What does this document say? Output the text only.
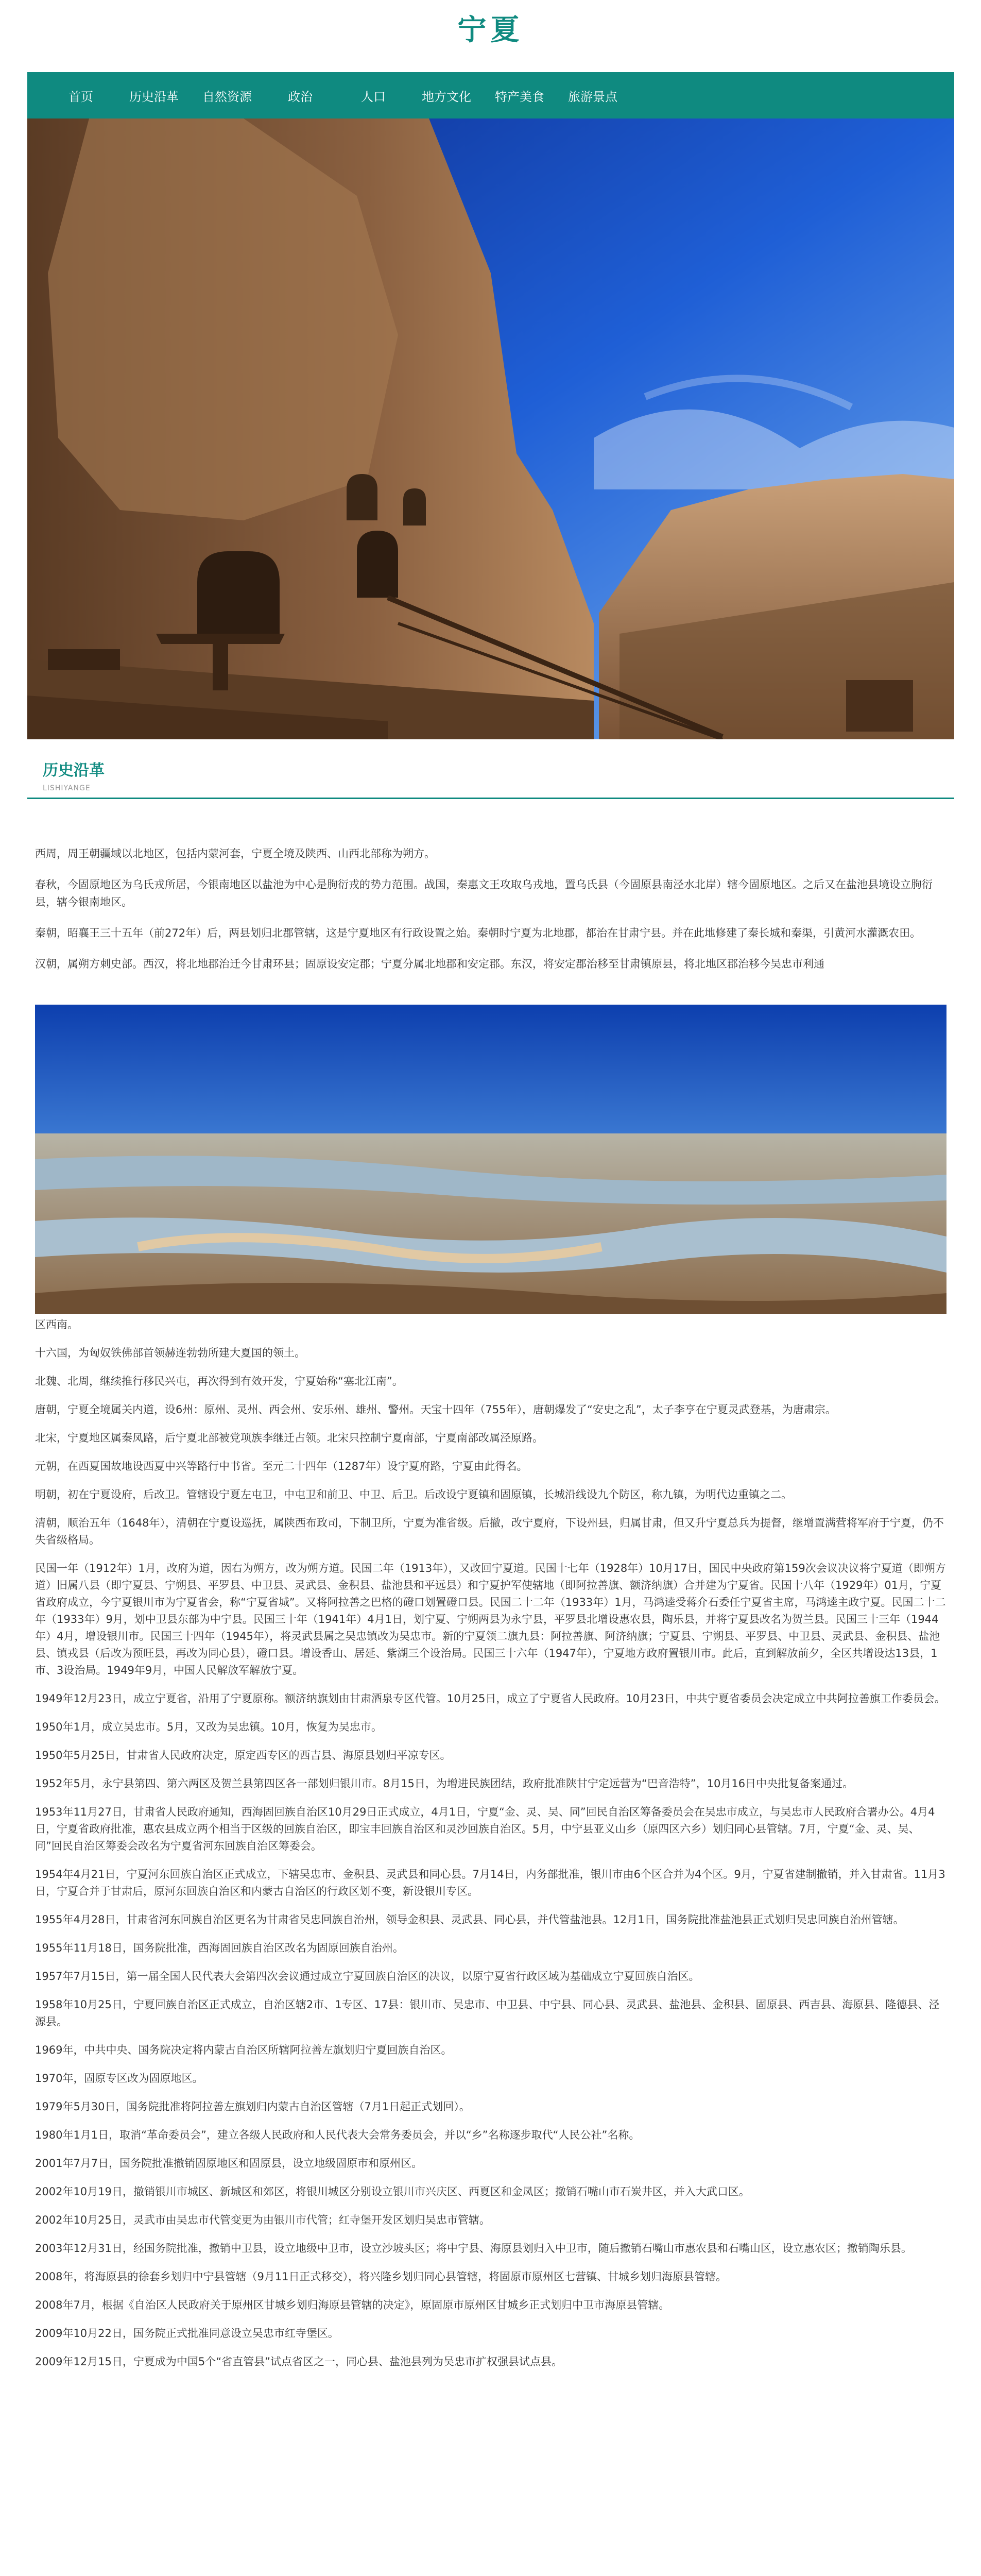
宁夏
首页	历史沿革	自然资源	政治	人口	地方文化	特产美食	旅游景点
历史沿革
LISHIYANGE

西周，周王朝疆域以北地区，包括内蒙河套，宁夏全境及陕西、山西北部称为朔方。

春秋，今固原地区为乌氏戎所居，今银南地区以盐池为中心是朐衍戎的势力范围。战国，秦惠文王攻取乌戎地，置乌氏县（今固原县南泾水北岸）辖今固原地区。之后又在盐池县境设立朐衍县，辖今银南地区。

秦朝，昭襄王三十五年（前272年）后，两县划归北郡管辖，这是宁夏地区有行政设置之始。秦朝时宁夏为北地郡，都治在甘肃宁县。并在此地修建了秦长城和秦渠，引黄河水灌溉农田。

汉朝，属朔方刺史部。西汉，将北地郡治迁今甘肃环县；固原设安定郡；宁夏分属北地郡和安定郡。东汉，将安定郡治移至甘肃镇原县，将北地区郡治移今吴忠市利通

区西南。

十六国，为匈奴铁佛部首领赫连勃勃所建大夏国的领土。

北魏、北周，继续推行移民兴屯，再次得到有效开发，宁夏始称“塞北江南”。

唐朝，宁夏全境属关内道，设6州：原州、灵州、西会州、安乐州、雄州、警州。天宝十四年（755年），唐朝爆发了“安史之乱”，太子李亨在宁夏灵武登基，为唐肃宗。

北宋，宁夏地区属秦凤路，后宁夏北部被党项族李继迁占领。北宋只控制宁夏南部，宁夏南部改属泾原路。

元朝，在西夏国故地设西夏中兴等路行中书省。至元二十四年（1287年）设宁夏府路，宁夏由此得名。

明朝，初在宁夏设府，后改卫。管辖设宁夏左屯卫，中屯卫和前卫、中卫、后卫。后改设宁夏镇和固原镇，长城沿线设九个防区，称九镇，为明代边重镇之二。

清朝，顺治五年（1648年），清朝在宁夏设巡抚，属陕西布政司，下制卫所，宁夏为准省级。后撤，改宁夏府，下设州县，归属甘肃，但又升宁夏总兵为提督，继增置满营将军府于宁夏，仍不失省级格局。

民国一年（1912年）1月，改府为道，因右为朔方，改为朔方道。民国二年（1913年），又改回宁夏道。民国十七年（1928年）10月17日，国民中央政府第159次会议决议将宁夏道（即朔方道）旧属八县（即宁夏县、宁朔县、平罗县、中卫县、灵武县、金积县、盐池县和平远县）和宁夏护军使辖地（即阿拉善旗、额济纳旗）合并建为宁夏省。民国十八年（1929年）01月，宁夏省政府成立，今宁夏银川市为宁夏省会，称“宁夏省城”。又将阿拉善之巴格的磴口划置磴口县。民国二十二年（1933年）1月，马鸿逵受蒋介石委任宁夏省主席，马鸿逵主政宁夏。民国二十二年（1933年）9月，划中卫县东部为中宁县。民国三十年（1941年）4月1日，划宁夏、宁朔两县为永宁县，平罗县北增设惠农县，陶乐县，并将宁夏县改名为贺兰县。民国三十三年（1944年）4月，增设银川市。民国三十四年（1945年），将灵武县属之吴忠镇改为吴忠市。新的宁夏领二旗九县：阿拉善旗、阿济纳旗；宁夏县、宁朔县、平罗县、中卫县、灵武县、金积县、盐池县、镇戎县（后改为预旺县，再改为同心县），磴口县。增设香山、居延、紫湖三个设治局。民国三十六年（1947年），宁夏地方政府置银川市。此后，直到解放前夕，全区共增设达13县，1市、3设治局。1949年9月，中国人民解放军解放宁夏。

1949年12月23日，成立宁夏省，沿用了宁夏原称。额济纳旗划由甘肃酒泉专区代管。10月25日，成立了宁夏省人民政府。10月23日，中共宁夏省委员会决定成立中共阿拉善旗工作委员会。

1950年1月，成立吴忠市。5月，又改为吴忠镇。10月，恢复为吴忠市。

1950年5月25日，甘肃省人民政府决定，原定西专区的西吉县、海原县划归平凉专区。

1952年5月，永宁县第四、第六两区及贺兰县第四区各一部划归银川市。8月15日，为增进民族团结，政府批准陕甘宁定远营为“巴音浩特”，10月16日中央批复备案通过。

1953年11月27日，甘肃省人民政府通知，西海固回族自治区10月29日正式成立，4月1日，宁夏“金、灵、吴、同”回民自治区筹备委员会在吴忠市成立，与吴忠市人民政府合署办公。4月4日，宁夏省政府批准，惠农县成立两个相当于区级的回族自治区，即宝丰回族自治区和灵沙回族自治区。5月，中宁县亚义山乡（原四区六乡）划归同心县管辖。7月，宁夏“金、灵、吴、同”回民自治区筹委会改名为宁夏省河东回族自治区筹委会。

1954年4月21日，宁夏河东回族自治区正式成立，下辖吴忠市、金积县、灵武县和同心县。7月14日，内务部批准，银川市由6个区合并为4个区。9月，宁夏省建制撤销，并入甘肃省。11月3日，宁夏合并于甘肃后，原河东回族自治区和内蒙古自治区的行政区划不变，新设银川专区。

1955年4月28日，甘肃省河东回族自治区更名为甘肃省吴忠回族自治州，领导金积县、灵武县、同心县，并代管盐池县。12月1日，国务院批准盐池县正式划归吴忠回族自治州管辖。

1955年11月18日，国务院批准，西海固回族自治区改名为固原回族自治州。

1957年7月15日，第一届全国人民代表大会第四次会议通过成立宁夏回族自治区的决议，以原宁夏省行政区域为基础成立宁夏回族自治区。

1958年10月25日，宁夏回族自治区正式成立，自治区辖2市、1专区、17县：银川市、吴忠市、中卫县、中宁县、同心县、灵武县、盐池县、金积县、固原县、西吉县、海原县、隆德县、泾源县。

1969年，中共中央、国务院决定将内蒙古自治区所辖阿拉善左旗划归宁夏回族自治区。

1970年，固原专区改为固原地区。

1979年5月30日，国务院批准将阿拉善左旗划归内蒙古自治区管辖（7月1日起正式划回）。

1980年1月1日，取消“革命委员会”，建立各级人民政府和人民代表大会常务委员会，并以“乡”名称逐步取代“人民公社”名称。

2001年7月7日，国务院批准撤销固原地区和固原县，设立地级固原市和原州区。

2002年10月19日，撤销银川市城区、新城区和郊区，将银川城区分别设立银川市兴庆区、西夏区和金凤区；撤销石嘴山市石炭井区，并入大武口区。

2002年10月25日，灵武市由吴忠市代管变更为由银川市代管；红寺堡开发区划归吴忠市管辖。

2003年12月31日，经国务院批准，撤销中卫县，设立地级中卫市，设立沙坡头区；将中宁县、海原县划归入中卫市，随后撤销石嘴山市惠农县和石嘴山区，设立惠农区；撤销陶乐县。

2008年，将海原县的徐套乡划归中宁县管辖（9月11日正式移交），将兴隆乡划归同心县管辖，将固原市原州区七营镇、甘城乡划归海原县管辖。

2008年7月，根据《自治区人民政府关于原州区甘城乡划归海原县管辖的决定》，原固原市原州区甘城乡正式划归中卫市海原县管辖。

2009年10月22日，国务院正式批准同意设立吴忠市红寺堡区。

2009年12月15日，宁夏成为中国5个“省直管县”试点省区之一，同心县、盐池县列为吴忠市扩权强县试点县。
